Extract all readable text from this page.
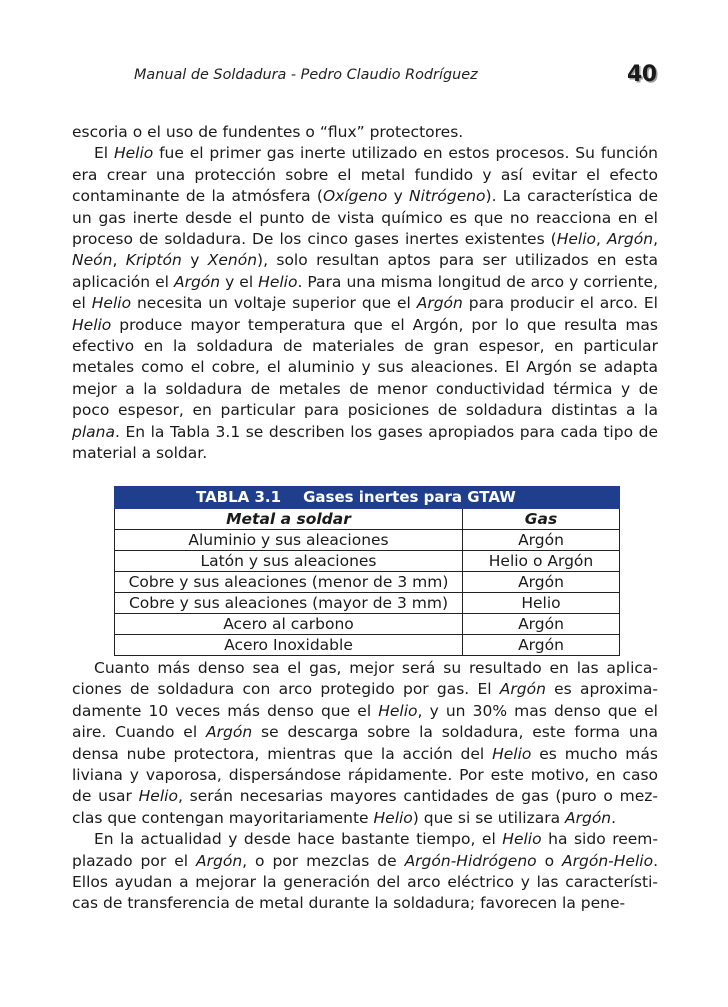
Manual de Soldadura - Pedro Claudio Rodríguez	40

escoria o el uso de fundentes o “flux” protectores.

El Helio fue el primer gas inerte utilizado en estos procesos. Su función era crear una protección sobre el metal fundido y así evitar el efecto contaminante de la atmósfera (Oxígeno y Nitrógeno). La característica de un gas inerte desde el punto de vista químico es que no reacciona en el proceso de soldadura. De los cinco gases inertes existentes (Helio, Argón, Neón, Kriptón y Xenón), solo resultan aptos para ser utilizados en esta aplicación el Argón y el Helio. Para una misma longitud de arco y corriente, el Helio necesita un voltaje superior que el Argón para producir el arco. El Helio produce mayor temperatura que el Argón, por lo que resulta mas efectivo en la soldadura de materiales de gran espesor, en particular metales como el cobre, el aluminio y sus aleaciones. El Argón se adapta mejor a la soldadura de metales de menor conductividad térmica y de poco espesor, en particular para posiciones de soldadura distintas a la plana. En la Tabla 3.1 se describen los gases apropiados para cada tipo de material a soldar.

TABLA 3.1 Gases inertes para GTAW	
Metal a soldar	Gas
Aluminio y sus aleaciones	Argón
Latón y sus aleaciones	Helio o Argón
Cobre y sus aleaciones (menor de 3 mm)	Argón
Cobre y sus aleaciones (mayor de 3 mm)	Helio
Acero al carbono	Argón
Acero Inoxidable	Argón

Cuanto más denso sea el gas, mejor será su resultado en las aplicaciones de soldadura con arco protegido por gas. El Argón es aproximadamente 10 veces más denso que el Helio, y un 30% mas denso que el aire. Cuando el Argón se descarga sobre la soldadura, este forma una densa nube protectora, mientras que la acción del Helio es mucho más liviana y vaporosa, dispersándose rápidamente. Por este motivo, en caso de usar Helio, serán necesarias mayores cantidades de gas (puro o mezclas que contengan mayoritariamente Helio) que si se utilizara Argón.

En la actualidad y desde hace bastante tiempo, el Helio ha sido reemplazado por el Argón, o por mezclas de Argón-Hidrógeno o Argón-Helio. Ellos ayudan a mejorar la generación del arco eléctrico y las características de transferencia de metal durante la soldadura; favorecen la pene-
